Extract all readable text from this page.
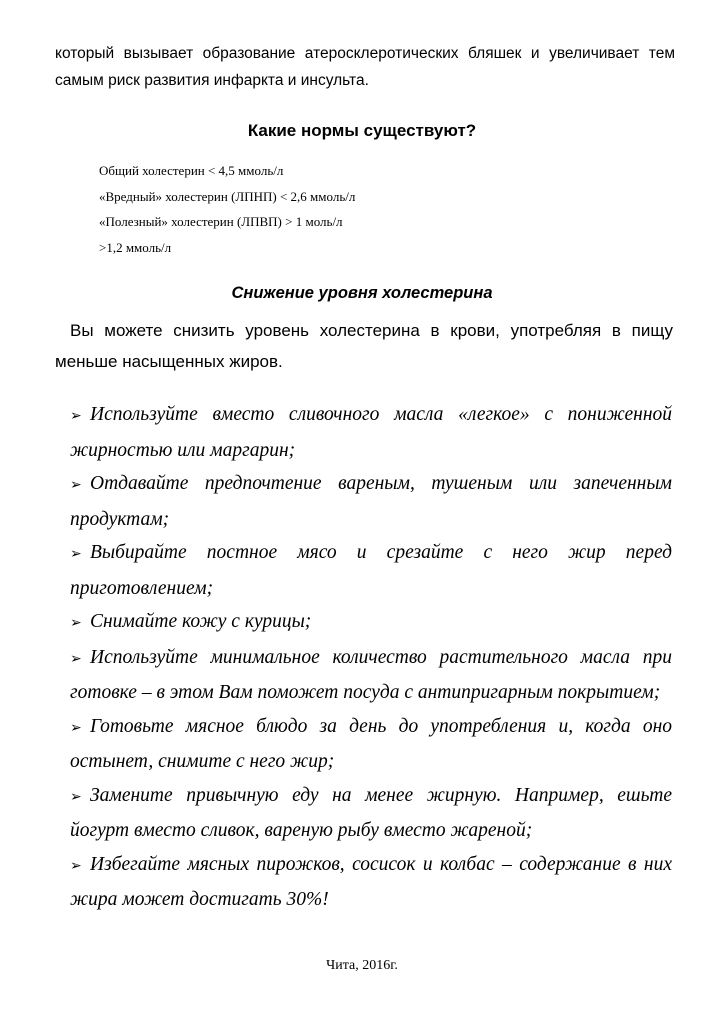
который вызывает образование атеросклеротических бляшек и увеличивает тем самым риск развития инфаркта и инсульта.
Какие нормы существуют?
Общий холестерин < 4,5 ммоль/л
«Вредный» холестерин (ЛПНП) < 2,6 ммоль/л
«Полезный» холестерин (ЛПВП) > 1 моль/л
>1,2 ммоль/л
Снижение уровня холестерина
Вы можете снизить уровень холестерина в крови, употребляя в пищу меньше насыщенных жиров.

➢ Используйте вместо сливочного масла «легкое» с пониженной жирностью или маргарин;

➢ Отдавайте предпочтение вареным, тушеным или запеченным продуктам;

➢ Выбирайте постное мясо и срезайте с него жир перед приготовлением;

➢ Снимайте кожу с курицы;

➢ Используйте минимальное количество растительного масла при готовке – в этом Вам поможет посуда с антипригарным покрытием;

➢ Готовьте мясное блюдо за день до употребления и, когда оно остынет, снимите с него жир;

➢ Замените привычную еду на менее жирную. Например, ешьте йогурт вместо сливок, вареную рыбу вместо жареной;

➢ Избегайте мясных пирожков, сосисок и колбас – содержание в них жира может достигать 30%!

Чита, 2016г.
